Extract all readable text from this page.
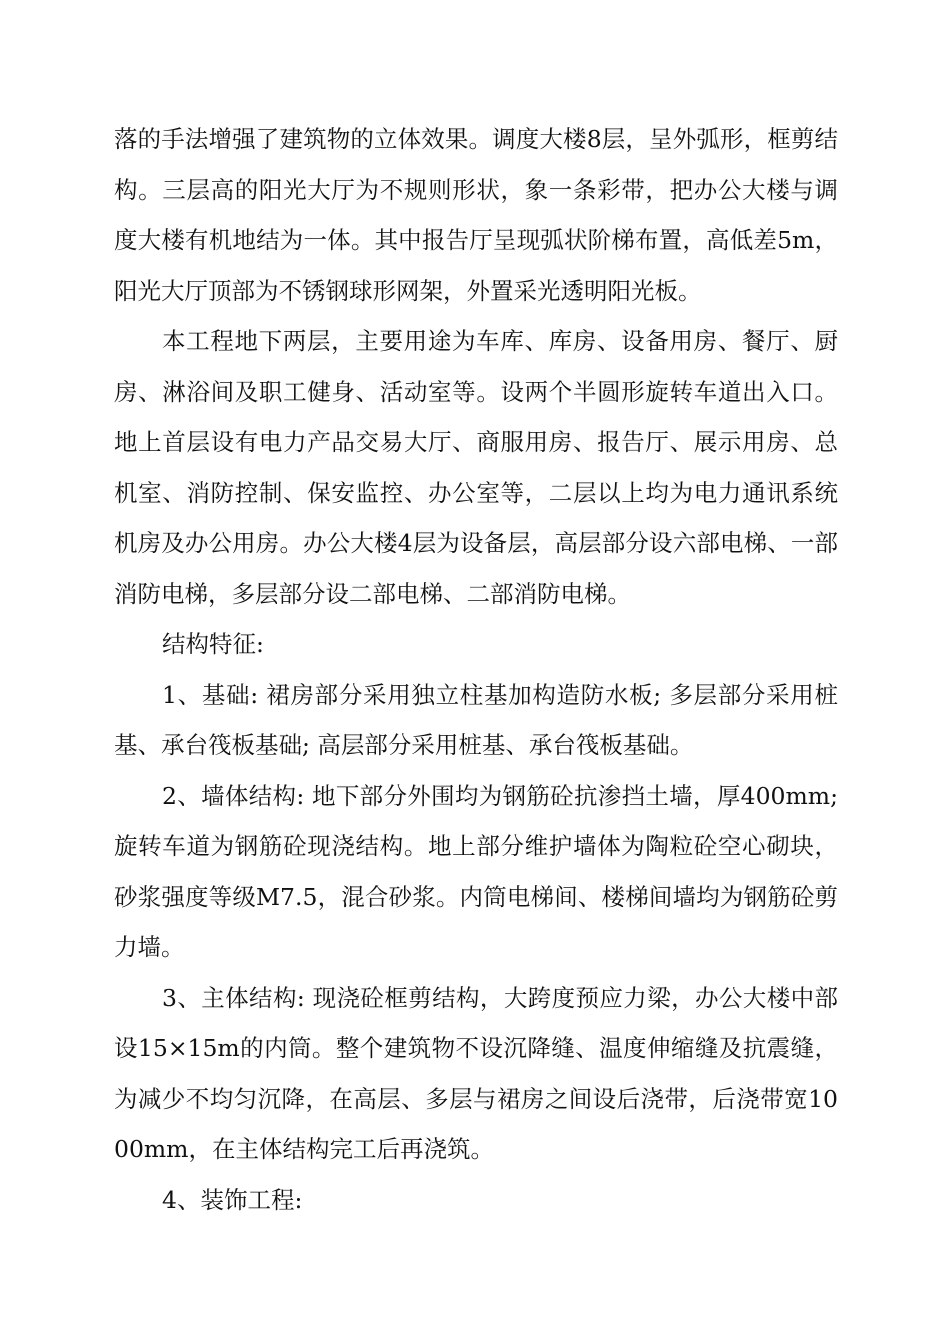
落的手法增强了建筑物的立体效果。调度大楼8层，呈外弧形，框剪结构。三层高的阳光大厅为不规则形状，象一条彩带，把办公大楼与调度大楼有机地结为一体。其中报告厅呈现弧状阶梯布置，高低差5m，阳光大厅顶部为不锈钢球形网架，外置采光透明阳光板。

本工程地下两层，主要用途为车库、库房、设备用房、餐厅、厨房、淋浴间及职工健身、活动室等。设两个半圆形旋转车道出入口。地上首层设有电力产品交易大厅、商服用房、报告厅、展示用房、总机室、消防控制、保安监控、办公室等，二层以上均为电力通讯系统机房及办公用房。办公大楼4层为设备层，高层部分设六部电梯、一部消防电梯，多层部分设二部电梯、二部消防电梯。

结构特征:

1、基础: 裙房部分采用独立柱基加构造防水板; 多层部分采用桩基、承台筏板基础; 高层部分采用桩基、承台筏板基础。

2、墙体结构: 地下部分外围均为钢筋砼抗渗挡土墙，厚400mm; 旋转车道为钢筋砼现浇结构。地上部分维护墙体为陶粒砼空心砌块，砂浆强度等级M7.5，混合砂浆。内筒电梯间、楼梯间墙均为钢筋砼剪力墙。

3、主体结构: 现浇砼框剪结构，大跨度预应力梁，办公大楼中部设15×15m的内筒。整个建筑物不设沉降缝、温度伸缩缝及抗震缝，为减少不均匀沉降，在高层、多层与裙房之间设后浇带，后浇带宽1000mm，在主体结构完工后再浇筑。

4、装饰工程:
